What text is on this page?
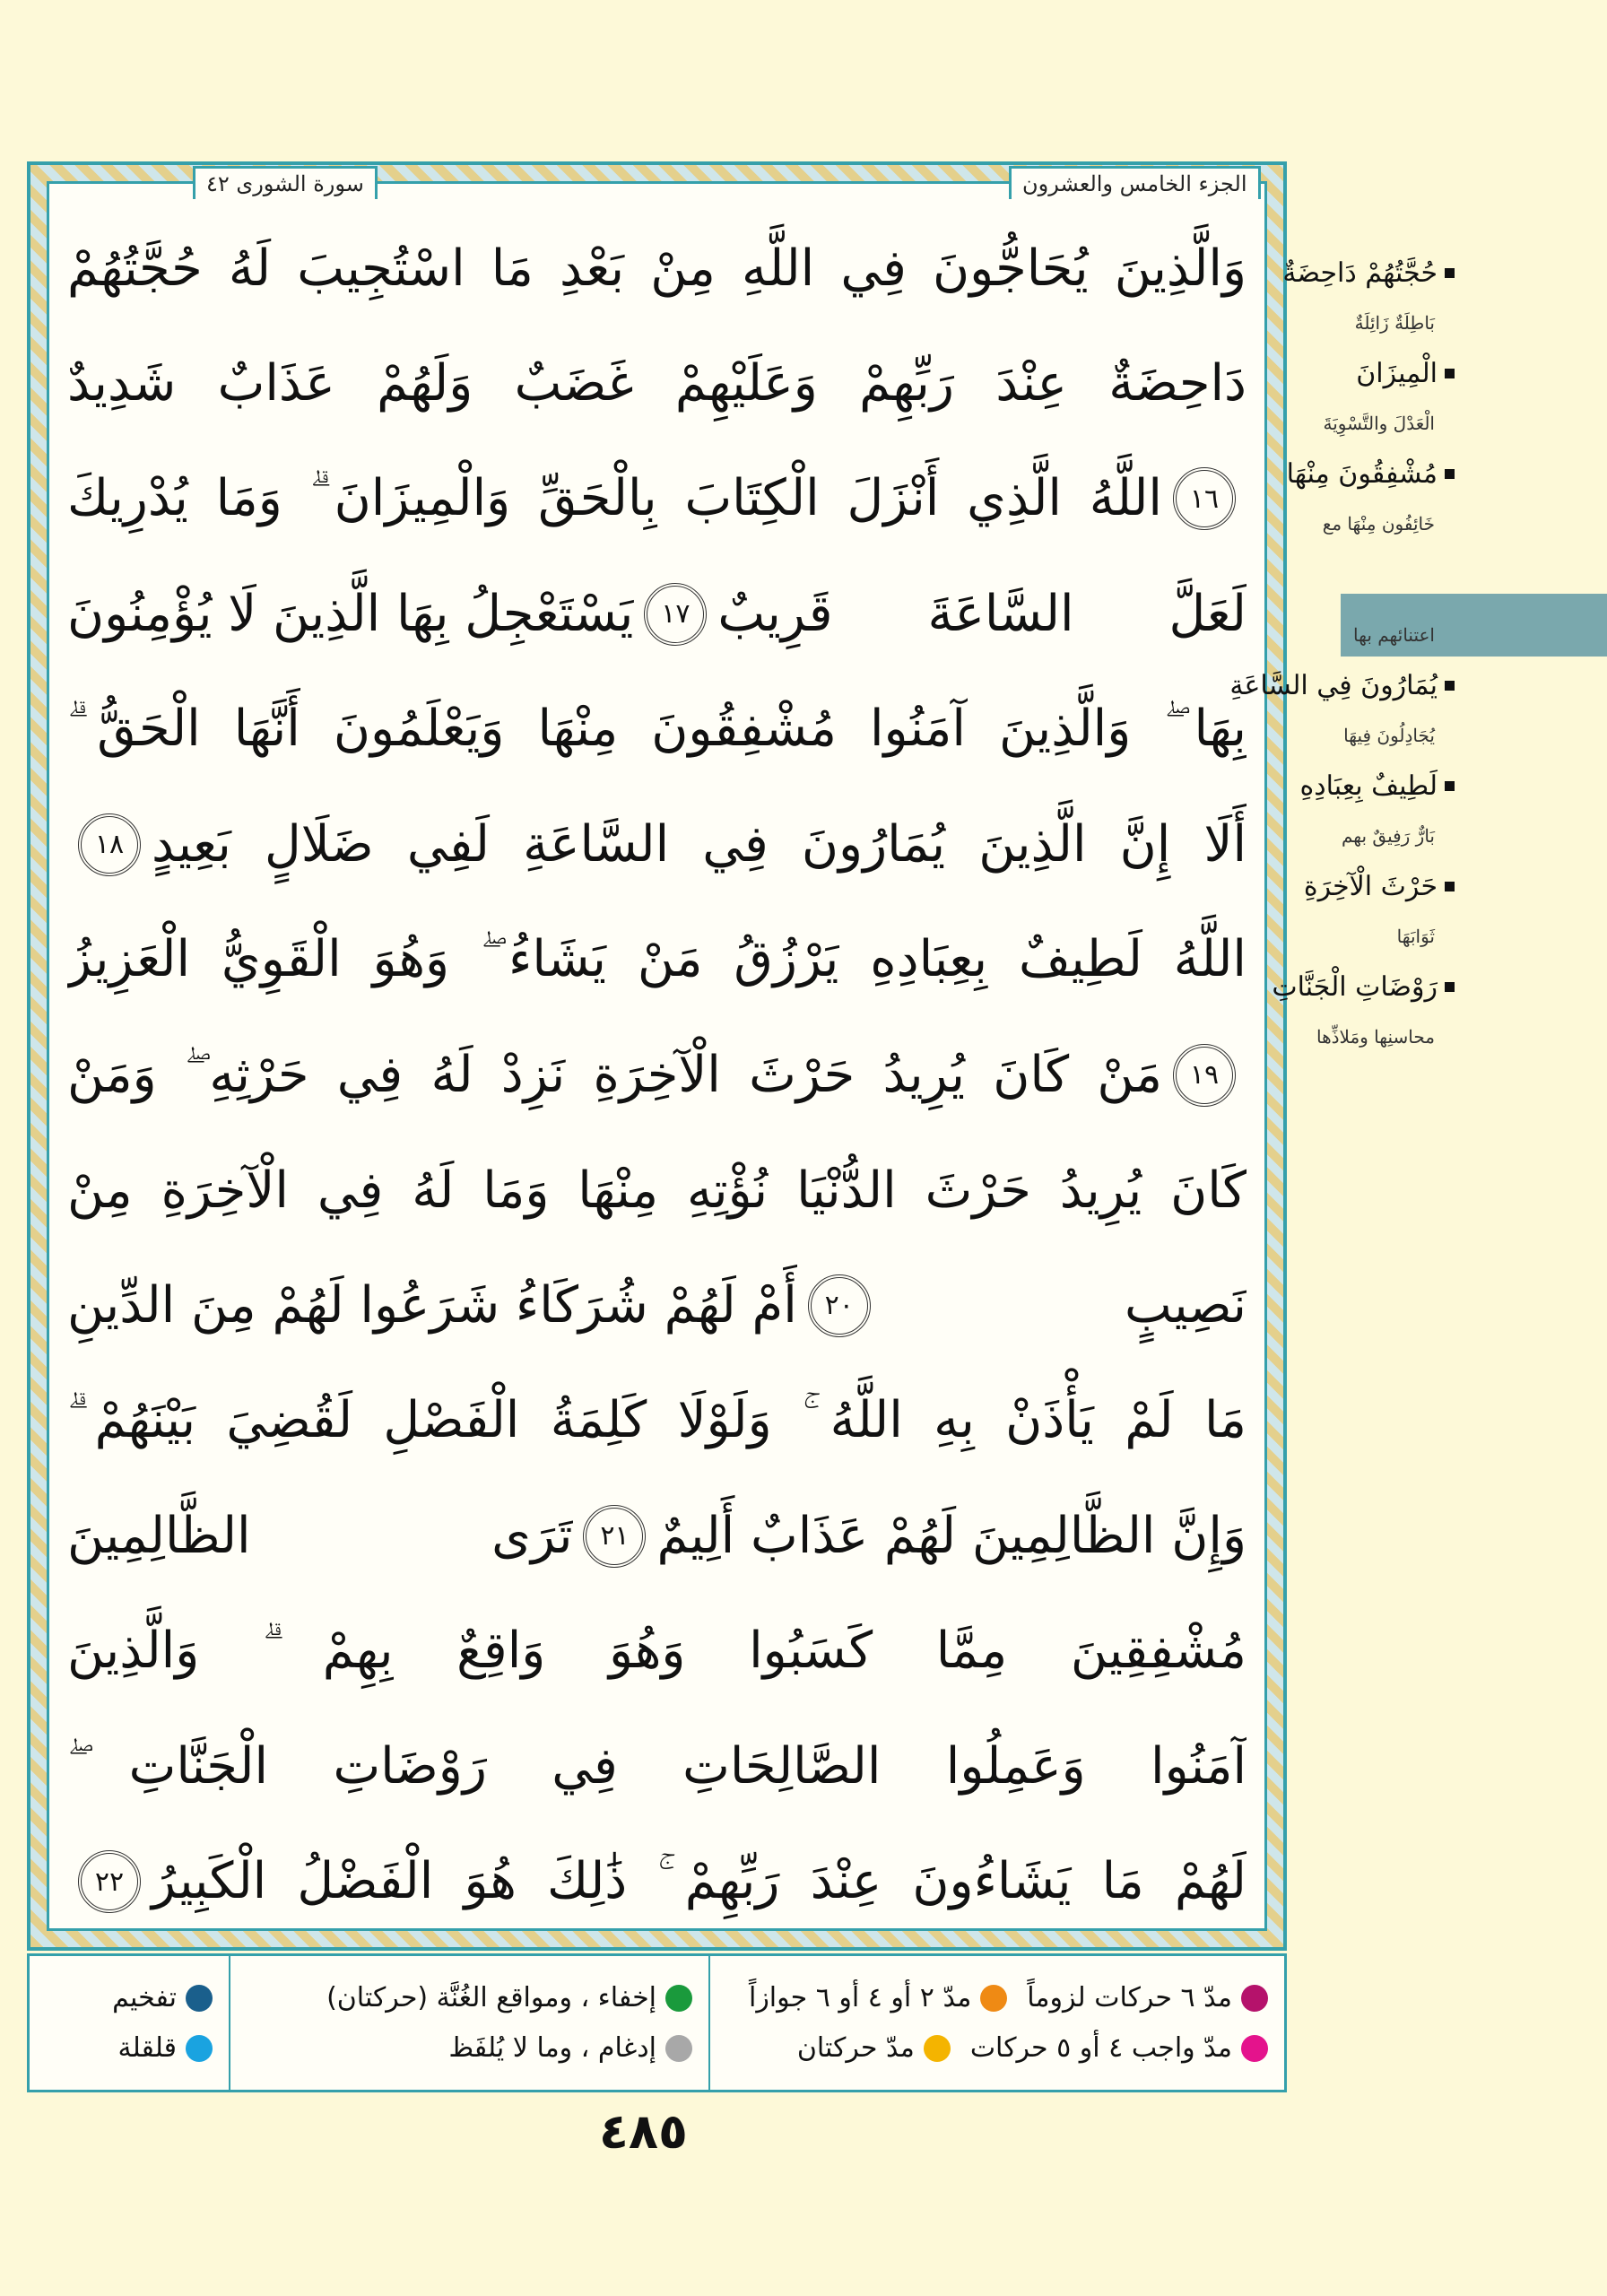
الجزء الخامس والعشرون
سورة الشورى ٤٢
وَالَّذِينَ يُحَاجُّونَ فِي اللَّهِ مِنْ بَعْدِ مَا اسْتُجِيبَ لَهُ حُجَّتُهُمْ
دَاحِضَةٌ عِنْدَ رَبِّهِمْ وَعَلَيْهِمْ غَضَبٌ وَلَهُمْ عَذَابٌ شَدِيدٌ
١٦
اللَّهُ الَّذِي أَنْزَلَ الْكِتَابَ بِالْحَقِّ وَالْمِيزَانَ ۗ وَمَا يُدْرِيكَ
لَعَلَّ السَّاعَةَ قَرِيبٌ
١٧
يَسْتَعْجِلُ بِهَا الَّذِينَ لَا يُؤْمِنُونَ
بِهَا ۖ وَالَّذِينَ آمَنُوا مُشْفِقُونَ مِنْهَا وَيَعْلَمُونَ أَنَّهَا الْحَقُّ ۗ
أَلَا إِنَّ الَّذِينَ يُمَارُونَ فِي السَّاعَةِ لَفِي ضَلَالٍ بَعِيدٍ
١٨
اللَّهُ لَطِيفٌ بِعِبَادِهِ يَرْزُقُ مَنْ يَشَاءُ ۖ وَهُوَ الْقَوِيُّ الْعَزِيزُ
١٩
مَنْ كَانَ يُرِيدُ حَرْثَ الْآخِرَةِ نَزِدْ لَهُ فِي حَرْثِهِ ۖ وَمَنْ
كَانَ يُرِيدُ حَرْثَ الدُّنْيَا نُؤْتِهِ مِنْهَا وَمَا لَهُ فِي الْآخِرَةِ مِنْ
نَصِيبٍ
٢٠
أَمْ لَهُمْ شُرَكَاءُ شَرَعُوا لَهُمْ مِنَ الدِّينِ
مَا لَمْ يَأْذَنْ بِهِ اللَّهُ ۚ وَلَوْلَا كَلِمَةُ الْفَصْلِ لَقُضِيَ بَيْنَهُمْ ۗ
وَإِنَّ الظَّالِمِينَ لَهُمْ عَذَابٌ أَلِيمٌ
٢١
تَرَى الظَّالِمِينَ
مُشْفِقِينَ مِمَّا كَسَبُوا وَهُوَ وَاقِعٌ بِهِمْ ۗ وَالَّذِينَ
آمَنُوا وَعَمِلُوا الصَّالِحَاتِ فِي رَوْضَاتِ الْجَنَّاتِ ۖ
لَهُمْ مَا يَشَاءُونَ عِنْدَ رَبِّهِمْ ۚ ذَٰلِكَ هُوَ الْفَضْلُ الْكَبِيرُ
٢٢
مدّ ٦ حركات لزوماً
مدّ ٢ أو ٤ أو ٦ جوازاً
مدّ واجب ٤ أو ٥ حركات
مدّ حركتان
إخفاء ، ومواقع الغُنَّة (حركتان)
إدغام ، وما لا يُلفَظ
تفخيم
قلقلة
٤٨٥
حُجَّتُهُمْ دَاحِضَةٌ
بَاطِلَةٌ زَائِلَةٌ
الْمِيزَانَ
الْعَدْلَ والتَّسْوِيَةَ
مُشْفِقُونَ مِنْهَا
خَائِفُون مِنْهَا مع
اعتنائهم بها
يُمَارُونَ فِي السَّاعَةِ
يُجَادِلُونَ فِيهَا
لَطِيفٌ بِعِبَادِهِ
بَارٌّ رَفِيقٌ بهم
حَرْثَ الْآخِرَةِ
ثَوَابَهَا
رَوْضَاتِ الْجَنَّاتِ
محاسنِها ومَلاذِّها
